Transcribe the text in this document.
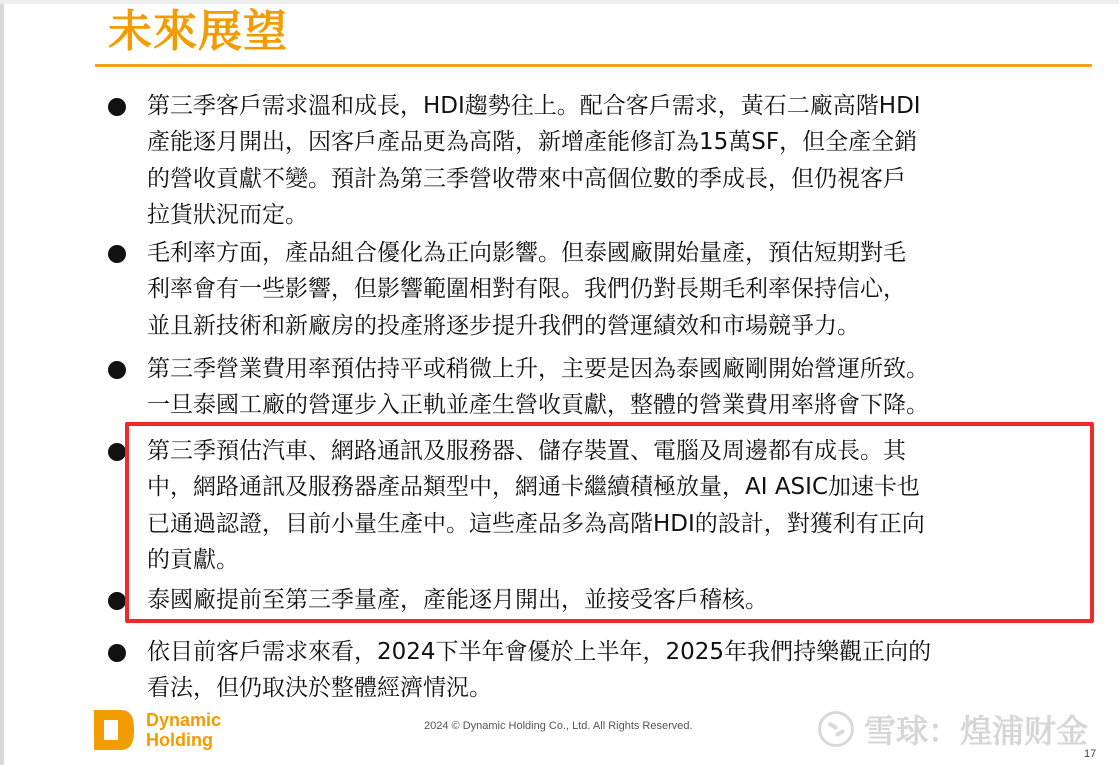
未來展望
第三季客戶需求溫和成長，HDI趨勢往上。配合客戶需求，黃石二廠高階HDI
產能逐月開出，因客戶產品更為高階，新增產能修訂為15萬SF，但全產全銷
的營收貢獻不變。預計為第三季營收帶來中高個位數的季成長，但仍視客戶
拉貨狀況而定。
毛利率方面，產品組合優化為正向影響。但泰國廠開始量產，預估短期對毛
利率會有一些影響，但影響範圍相對有限。我們仍對長期毛利率保持信心，
並且新技術和新廠房的投產將逐步提升我們的營運績效和市場競爭力。
第三季營業費用率預估持平或稍微上升，主要是因為泰國廠剛開始營運所致。
一旦泰國工廠的營運步入正軌並產生營收貢獻，整體的營業費用率將會下降。
第三季預估汽車、網路通訊及服務器、儲存裝置、電腦及周邊都有成長。其
中，網路通訊及服務器產品類型中，網通卡繼續積極放量，AI ASIC加速卡也
已通過認證，目前小量生產中。這些產品多為高階HDI的設計，對獲利有正向
的貢獻。
泰國廠提前至第三季量產，產能逐月開出，並接受客戶稽核。
依目前客戶需求來看，2024下半年會優於上半年，2025年我們持樂觀正向的
看法，但仍取決於整體經濟情況。
Dynamic
Holding
2024 © Dynamic Holding Co., Ltd. All Rights Reserved.	雪球：煌浦财金
17
